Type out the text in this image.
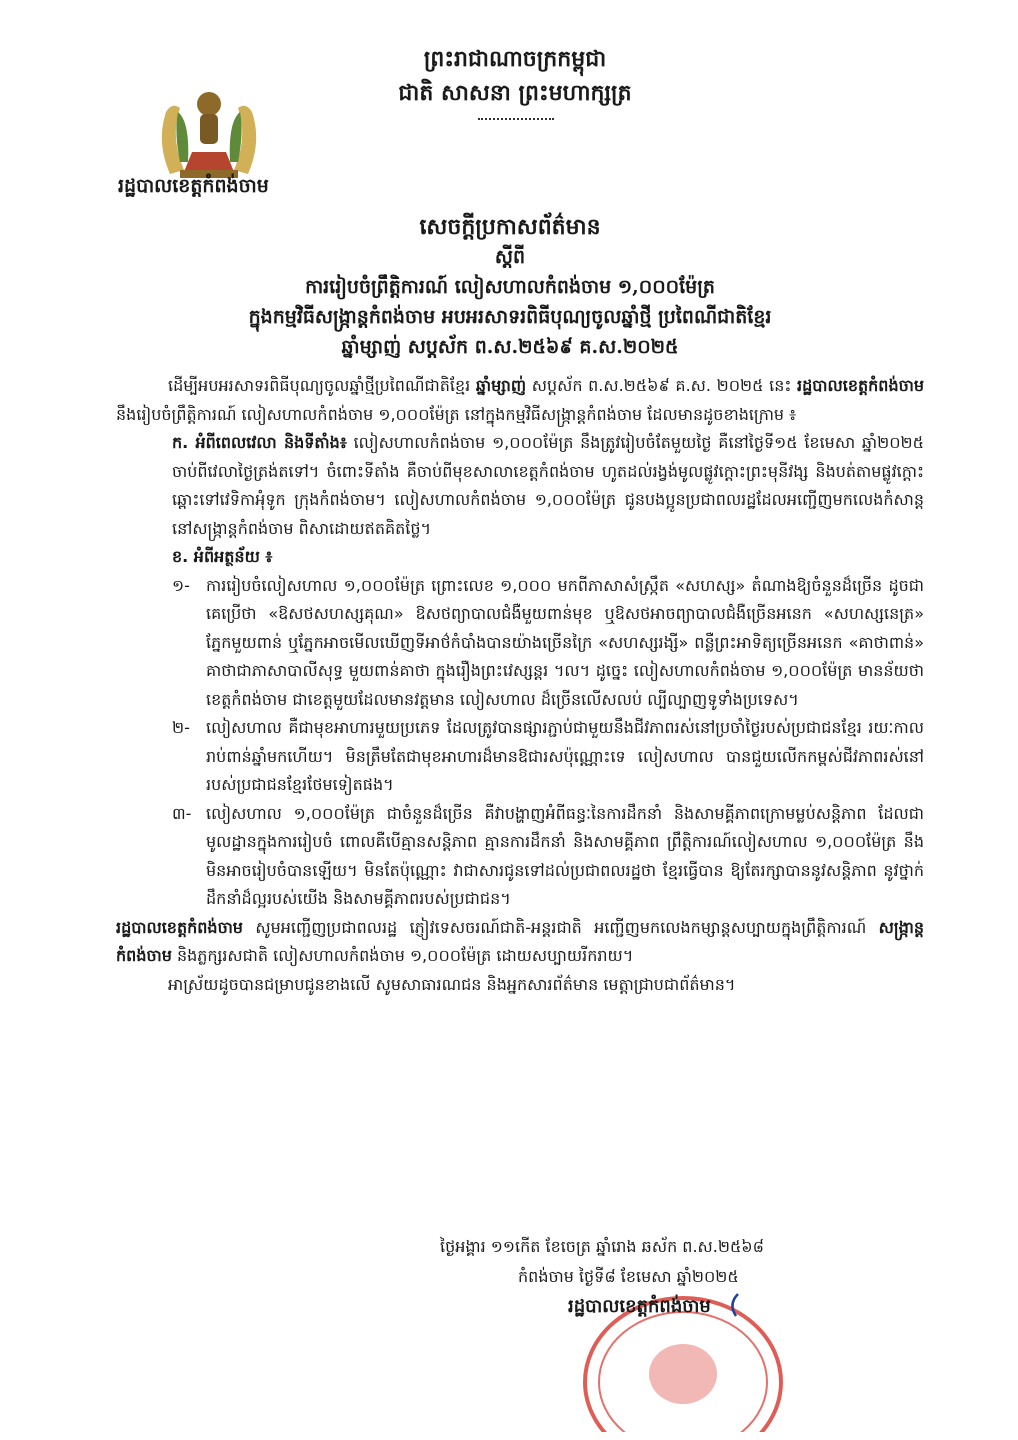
ព្រះរាជាណាចក្រកម្ពុជា
ជាតិ សាសនា ព្រះមហាក្សត្រ
រដ្ឋបាលខេត្តកំពង់ចាម
សេចក្តីប្រកាសព័ត៌មាន
ស្តីពី
ការរៀបចំព្រឹត្តិការណ៍ លៀសហាលកំពង់ចាម ១,០០០ម៉ែត្រ
ក្នុងកម្មវិធីសង្រ្កាន្តកំពង់ចាម អបអរសាទរពិធីបុណ្យចូលឆ្នាំថ្មី ប្រពៃណីជាតិខ្មែរ
ឆ្នាំម្សាញ់ សប្តស័ក ព.ស.២៥៦៩ គ.ស.២០២៥

ដើម្បីអបអរសាទរពិធីបុណ្យចូលឆ្នាំថ្មីប្រពៃណីជាតិខ្មែរ ឆ្នាំម្សាញ់ សប្តស័ក ព.ស.២៥៦៩ គ.ស. ២០២៥ នេះ រដ្ឋបាលខេត្តកំពង់ចាម នឹងរៀបចំព្រឹត្តិការណ៍ លៀសហាលកំពង់ចាម ១,០០០ម៉ែត្រ នៅក្នុងកម្មវិធីសង្រ្កាន្តកំពង់ចាម ដែលមានដូចខាងក្រោម ៖

ក. អំពីពេលវេលា និងទីតាំង៖ លៀសហាលកំពង់ចាម ១,០០០ម៉ែត្រ នឹងត្រូវរៀបចំតែមួយថ្ងៃ គឺនៅថ្ងៃទី១៥ ខែមេសា ឆ្នាំ២០២៥ ចាប់ពីវេលាថ្ងៃត្រង់តទៅ។ ចំពោះទីតាំង គឺចាប់ពីមុខសាលាខេត្តកំពង់ចាម ហូតដល់រង្វង់មូលផ្លូវក្តោះព្រះមុនីវង្ស និងបត់តាមផ្លូវក្តោះ ឆ្ពោះទៅវេទិកាអុំទូក ក្រុងកំពង់ចាម។ លៀសហាលកំពង់ចាម ១,០០០ម៉ែត្រ ជូនបងប្អូនប្រជាពលរដ្ឋដែលអញ្ជើញមកលេងកំសាន្តនៅសង្រ្កាន្តកំពង់ចាម ពិសាដោយឥតគិតថ្លៃ។

ខ. អំពីអត្ថន័យ ៖

១-	ការរៀបចំលៀសហាល ១,០០០ម៉ែត្រ ព្រោះលេខ ១,០០០ មកពីភាសាសំស្ក្រឹត «សហស្ស» តំណាងឱ្យចំនួនដ៏ច្រើន ដូចជាគេប្រើថា «ឱសថសហស្សគុណ» ឱសថព្យាបាលជំងឺមួយពាន់មុខ ឬឱសថអាចព្យាបាលជំងឺច្រើនអនេក «សហស្សនេត្រ» ភ្នែកមួយពាន់ ឬភ្នែកអាចមើលឃើញទីអាថ៌កំបាំងបានយ៉ាងច្រើនក្រៃ «សហស្សរង្សី» ពន្លឺព្រះអាទិត្យច្រើនអនេក «គាថាពាន់» គាថាជាភាសាបាលីសុទ្ធ មួយពាន់គាថា ក្នុងរឿងព្រះវេស្សន្តរ ។ល។ ដូច្នេះ លៀសហាលកំពង់ចាម ១,០០០ម៉ែត្រ មានន័យថាខេត្តកំពង់ចាម ជាខេត្តមួយដែលមានវត្តមាន លៀសហាល ដ៏ច្រើនលើសលប់ ល្បីល្បាញទូទាំងប្រទេស។
២-	លៀសហាល គឺជាមុខអាហារមួយប្រភេទ ដែលត្រូវបានផ្សារភ្ជាប់ជាមួយនឹងជីវភាពរស់នៅប្រចាំថ្ងៃរបស់ប្រជាជនខ្មែរ រយៈកាលរាប់ពាន់ឆ្នាំមកហើយ។ មិនត្រឹមតែជាមុខអាហារដ៏មានឱជារសប៉ុណ្ណោះទេ លៀសហាល បានជួយលើកកម្ពស់ជីវភាពរស់នៅរបស់ប្រជាជនខ្មែរថែមទៀតផង។
៣- លៀសហាល ១,០០០ម៉ែត្រ ជាចំនួនដ៏ច្រើន គឺវាបង្ហាញអំពីធន្ធៈនៃការដឹកនាំ និងសាមគ្គីភាពក្រោមម្លប់សន្តិភាព ដែលជាមូលដ្ឋានក្នុងការរៀបចំ ពោលគឺបើគ្មានសន្តិភាព គ្មានការដឹកនាំ និងសាមគ្គីភាព ព្រឹត្តិការណ៍លៀសហាល ១,០០០ម៉ែត្រ នឹងមិនអាចរៀបចំបានឡើយ។ មិនតែប៉ុណ្ណោះ វាជាសារជូនទៅដល់ប្រជាពលរដ្ឋថា ខ្មែរធ្វើបាន ឱ្យតែរក្សាបាននូវសន្តិភាព នូវថ្នាក់ដឹកនាំដ៏ល្អរបស់យើង និងសាមគ្គីភាពរបស់ប្រជាជន។

រដ្ឋបាលខេត្តកំពង់ចាម សូមអញ្ជើញប្រជាពលរដ្ឋ ភ្ញៀវទេសចរណ៍ជាតិ-អន្តរជាតិ អញ្ជើញមកលេងកម្សាន្តសប្បាយក្នុងព្រឹត្តិការណ៍ សង្រ្កាន្តកំពង់ចាម និងភ្លក្សរសជាតិ លៀសហាលកំពង់ចាម ១,០០០ម៉ែត្រ ដោយសប្បាយរីករាយ។

អាស្រ័យដូចបានជម្រាបជូនខាងលើ សូមសាធារណជន និងអ្នកសារព័ត៌មាន មេត្តាជ្រាបជាព័ត៌មាន។

ថ្ងៃអង្គារ ១១កើត ខែចេត្រ ឆ្នាំរោង ឆស័ក ព.ស.២៥៦៨
កំពង់ចាម ថ្ងៃទី៨ ខែមេសា ឆ្នាំ២០២៥
រដ្ឋបាលខេត្តកំពង់ចាម
